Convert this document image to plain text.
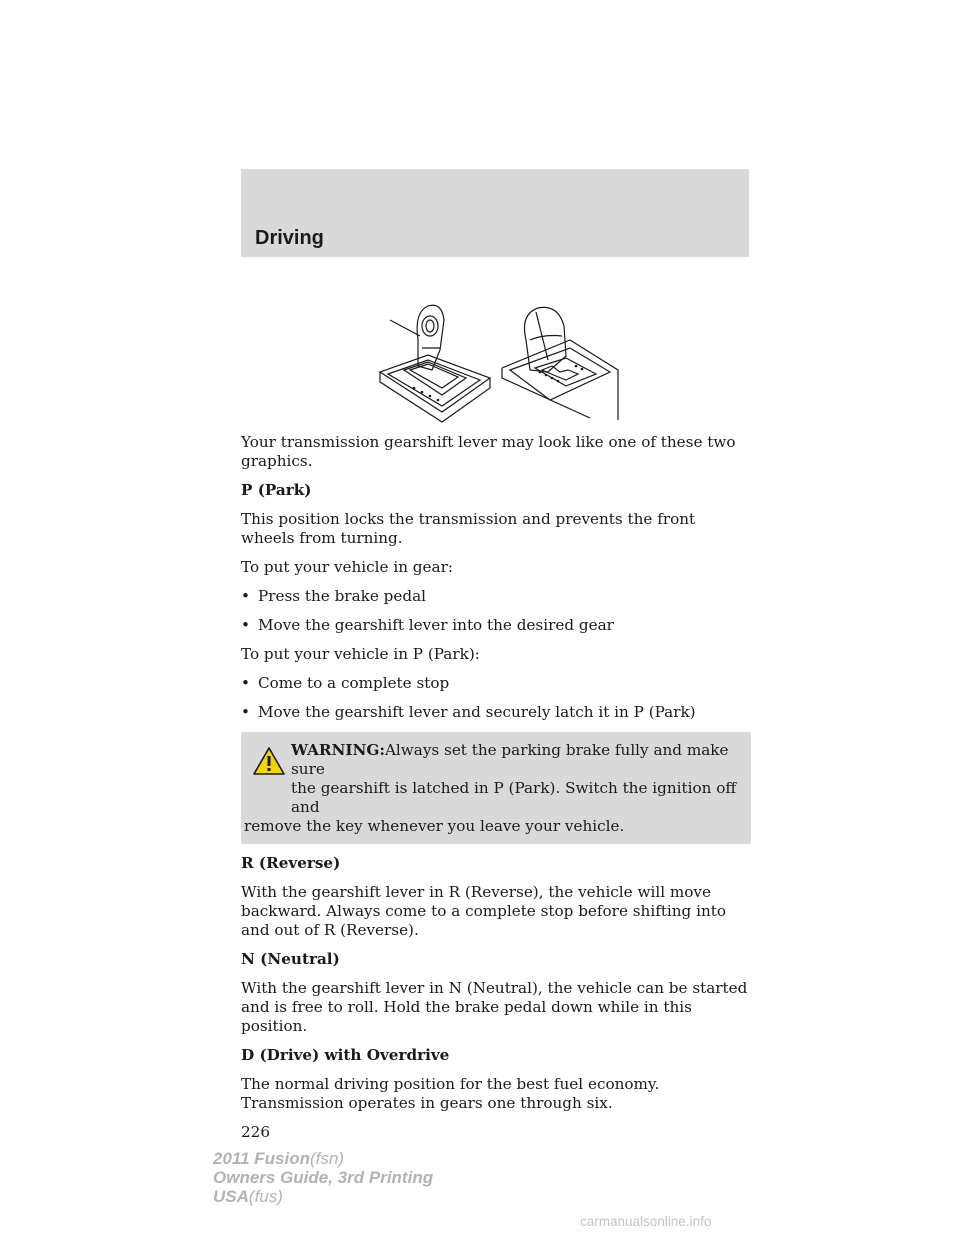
Driving

Your transmission gearshift lever may look like one of these two graphics.

P (Park)

This position locks the transmission and prevents the front wheels from turning.

To put your vehicle in gear:

• Press the brake pedal

• Move the gearshift lever into the desired gear

To put your vehicle in P (Park):

• Come to a complete stop

• Move the gearshift lever and securely latch it in P (Park)

WARNING:Always set the parking brake fully and make sure
the gearshift is latched in P (Park). Switch the ignition off and
remove the key whenever you leave your vehicle.

R (Reverse)

With the gearshift lever in R (Reverse), the vehicle will move backward. Always come to a complete stop before shifting into and out of R (Reverse).

N (Neutral)

With the gearshift lever in N (Neutral), the vehicle can be started and is free to roll. Hold the brake pedal down while in this position.

D (Drive) with Overdrive

The normal driving position for the best fuel economy. Transmission operates in gears one through six.

226

2011 Fusion(fsn)
Owners Guide, 3rd Printing
USA(fus)
carmanualsonline.info
